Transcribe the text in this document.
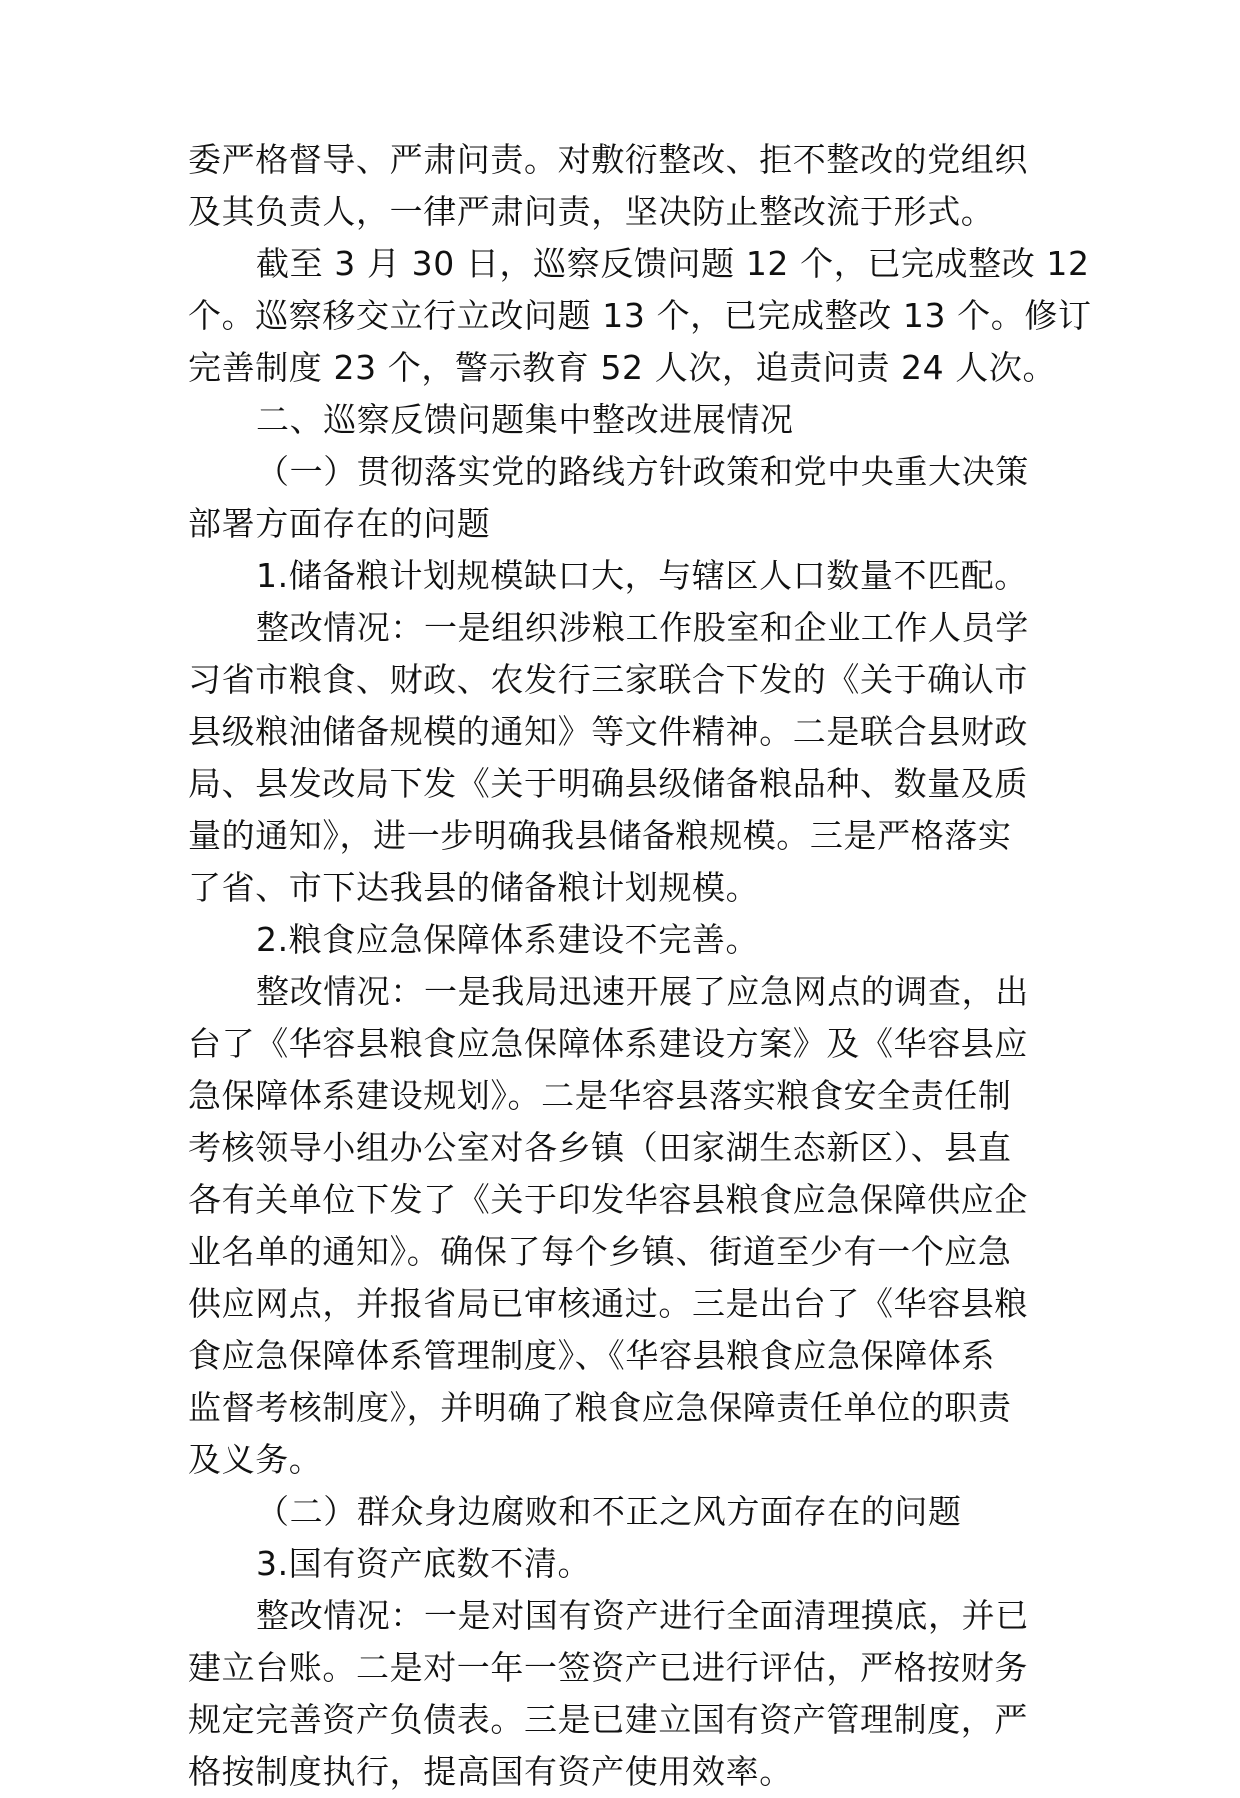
委严格督导、严肃问责。对敷衍整改、拒不整改的党组织
及其负责人，一律严肃问责，坚决防止整改流于形式。
截至 3 月 30 日，巡察反馈问题 12 个，已完成整改 12
个。巡察移交立行立改问题 13 个，已完成整改 13 个。修订
完善制度 23 个，警示教育 52 人次，追责问责 24 人次。
二、巡察反馈问题集中整改进展情况
（一）贯彻落实党的路线方针政策和党中央重大决策
部署方面存在的问题
1.储备粮计划规模缺口大，与辖区人口数量不匹配。
整改情况：一是组织涉粮工作股室和企业工作人员学
习省市粮食、财政、农发行三家联合下发的《关于确认市
县级粮油储备规模的通知》等文件精神。二是联合县财政
局、县发改局下发《关于明确县级储备粮品种、数量及质
量的通知》，进一步明确我县储备粮规模。三是严格落实
了省、市下达我县的储备粮计划规模。
2.粮食应急保障体系建设不完善。
整改情况：一是我局迅速开展了应急网点的调查，出
台了《华容县粮食应急保障体系建设方案》及《华容县应
急保障体系建设规划》。二是华容县落实粮食安全责任制
考核领导小组办公室对各乡镇（田家湖生态新区）、县直
各有关单位下发了《关于印发华容县粮食应急保障供应企
业名单的通知》。确保了每个乡镇、街道至少有一个应急
供应网点，并报省局已审核通过。三是出台了《华容县粮
食应急保障体系管理制度》、《华容县粮食应急保障体系
监督考核制度》，并明确了粮食应急保障责任单位的职责
及义务。
（二）群众身边腐败和不正之风方面存在的问题
3.国有资产底数不清。
整改情况：一是对国有资产进行全面清理摸底，并已
建立台账。二是对一年一签资产已进行评估，严格按财务
规定完善资产负债表。三是已建立国有资产管理制度，严
格按制度执行，提高国有资产使用效率。
